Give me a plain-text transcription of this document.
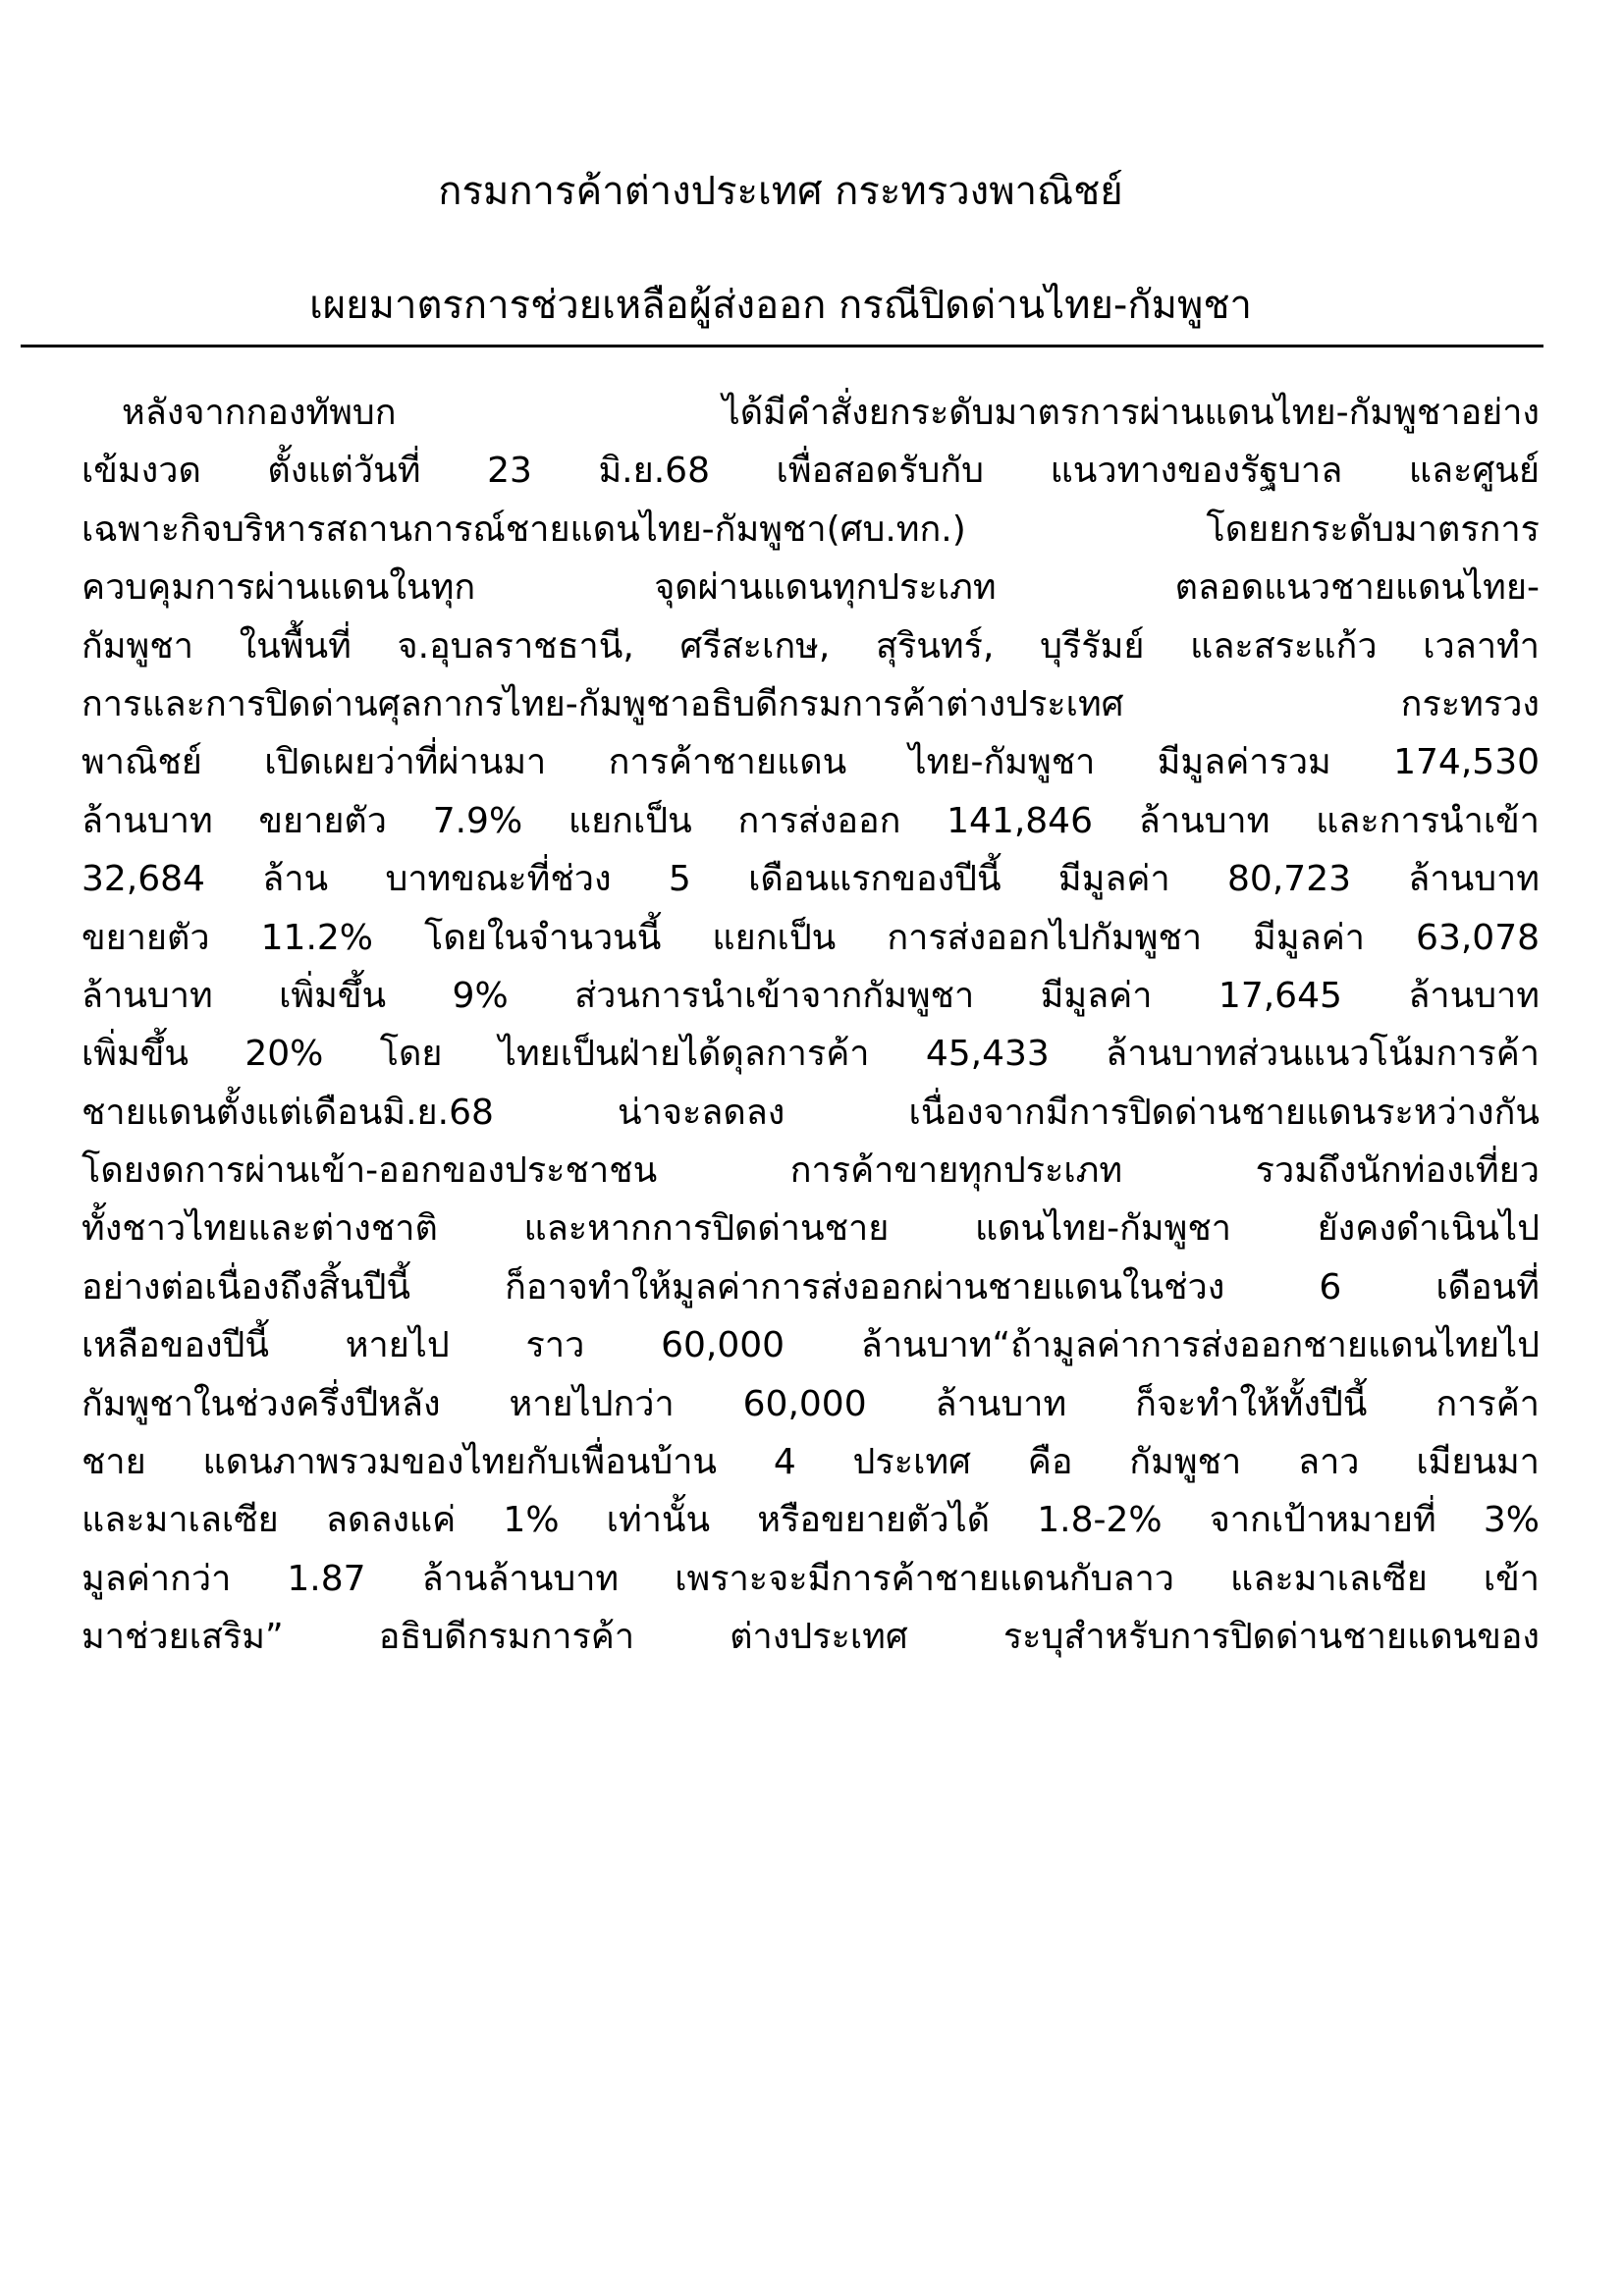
กรมการค้าต่างประเทศ กระทรวงพาณิชย์
เผยมาตรการช่วยเหลือผู้ส่งออก กรณีปิดด่านไทย-กัมพูชา
หลังจากกองทัพบก ได้มีคำสั่งยกระดับมาตรการผ่านแดนไทย-กัมพูชาอย่าง
เข้มงวด ตั้งแต่วันที่ 23 มิ.ย.68 เพื่อสอดรับกับ แนวทางของรัฐบาล และศูนย์
เฉพาะกิจบริหารสถานการณ์ชายแดนไทย-กัมพูชา(ศบ.ทก.) โดยยกระดับมาตรการ
ควบคุมการผ่านแดนในทุก จุดผ่านแดนทุกประเภท ตลอดแนวชายแดนไทย-
กัมพูชา ในพื้นที่ จ.อุบลราชธานี, ศรีสะเกษ, สุรินทร์, บุรีรัมย์ และสระแก้ว เวลาทำ
การและการปิดด่านศุลกากรไทย-กัมพูชาอธิบดีกรมการค้าต่างประเทศ กระทรวง
พาณิชย์ เปิดเผยว่าที่ผ่านมา การค้าชายแดน ไทย-กัมพูชา มีมูลค่ารวม 174,530
ล้านบาท ขยายตัว 7.9% แยกเป็น การส่งออก 141,846 ล้านบาท และการนำเข้า
32,684 ล้าน บาทขณะที่ช่วง 5 เดือนแรกของปีนี้ มีมูลค่า 80,723 ล้านบาท
ขยายตัว 11.2% โดยในจำนวนนี้ แยกเป็น การส่งออกไปกัมพูชา มีมูลค่า 63,078
ล้านบาท เพิ่มขึ้น 9% ส่วนการนำเข้าจากกัมพูชา มีมูลค่า 17,645 ล้านบาท
เพิ่มขึ้น 20% โดย ไทยเป็นฝ่ายได้ดุลการค้า 45,433 ล้านบาทส่วนแนวโน้มการค้า
ชายแดนตั้งแต่เดือนมิ.ย.68 น่าจะลดลง เนื่องจากมีการปิดด่านชายแดนระหว่างกัน
โดยงดการผ่านเข้า-ออกของประชาชน การค้าขายทุกประเภท รวมถึงนักท่องเที่ยว
ทั้งชาวไทยและต่างชาติ และหากการปิดด่านชาย แดนไทย-กัมพูชา ยังคงดำเนินไป
อย่างต่อเนื่องถึงสิ้นปีนี้ ก็อาจทำให้มูลค่าการส่งออกผ่านชายแดนในช่วง 6 เดือนที่
เหลือของปีนี้ หายไป ราว 60,000 ล้านบาท“ถ้ามูลค่าการส่งออกชายแดนไทยไป
กัมพูชาในช่วงครึ่งปีหลัง หายไปกว่า 60,000 ล้านบาท ก็จะทำให้ทั้งปีนี้ การค้า
ชาย แดนภาพรวมของไทยกับเพื่อนบ้าน 4 ประเทศ คือ กัมพูชา ลาว เมียนมา
และมาเลเซีย ลดลงแค่ 1% เท่านั้น หรือขยายตัวได้ 1.8-2% จากเป้าหมายที่ 3%
มูลค่ากว่า 1.87 ล้านล้านบาท เพราะจะมีการค้าชายแดนกับลาว และมาเลเซีย เข้า
มาช่วยเสริม” อธิบดีกรมการค้า ต่างประเทศ ระบุสำหรับการปิดด่านชายแดนของ
